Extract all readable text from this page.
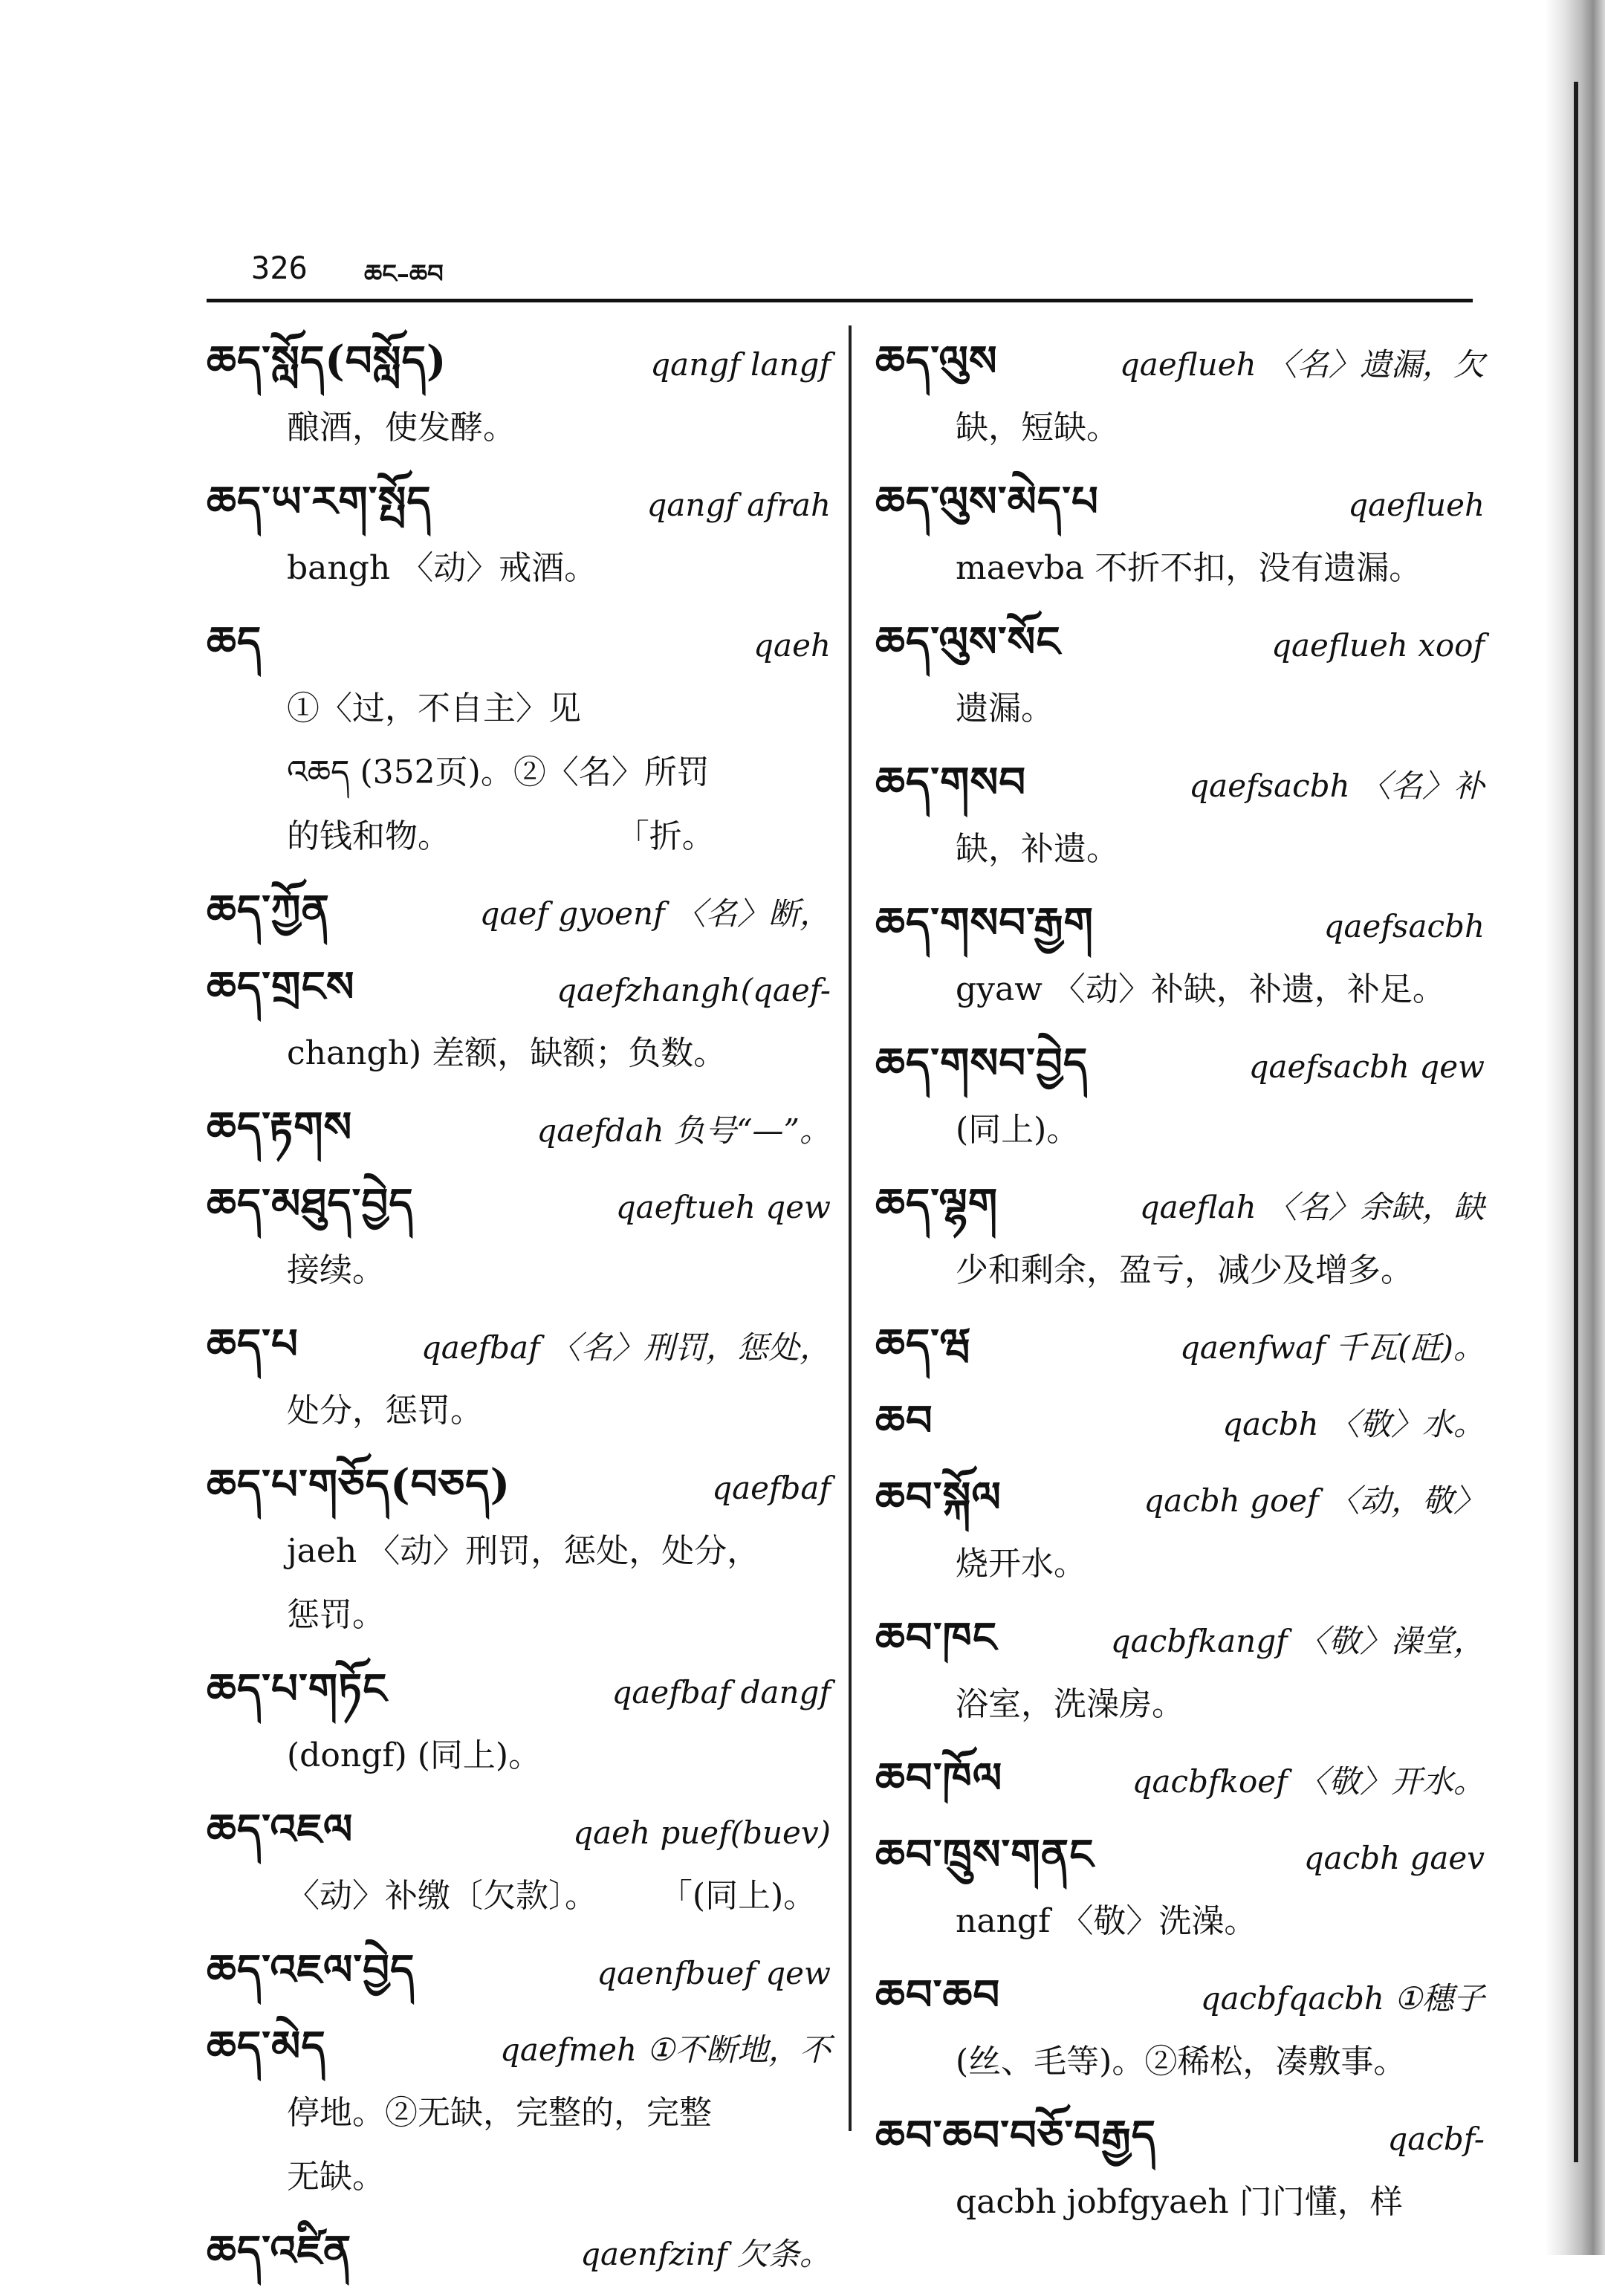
326 ཆང–ཆབ
ཆད་སློད(བསློད)	qangf langf
酿酒，使发酵。
ཆད་ཡ་རག་སྤོད	qangf afrah
bangh 〈动〉戒酒。
ཆད	qaeh
①〈过，不自主〉见
འཆད (352页)。②〈名〉所罚
的钱和物。                「折。
ཆད་ཀྱོན	qaef gyoenf 〈名〉断，
ཆད་གྲངས	qaefzhangh(qaef-
changh) 差额，缺额；负数。
ཆད་རྟགས	qaefdah 负号“—”。
ཆད་མཐུད་བྱེད	qaeftueh qew
接续。
ཆད་པ	qaefbaf 〈名〉刑罚，惩处，
处分，惩罚。
ཆད་པ་གཅོད(བཅད)	qaefbaf
jaeh 〈动〉刑罚，惩处，处分，
惩罚。
ཆད་པ་གཏོང	qaefbaf dangf
(dongf) (同上)。
ཆད་འཇལ	qaeh puef(buev)
〈动〉补缴〔欠款〕。      「(同上)。
ཆད་འཇལ་བྱེད	qaenfbuef qew
ཆད་མེད	qaefmeh ①不断地，不
停地。②无缺，完整的，完整
无缺。
ཆད་འཛིན	qaenfzinf 欠条。
ཆད་ལུས	qaeflueh 〈名〉遗漏，欠
缺，短缺。
ཆད་ལུས་མེད་པ	qaeflueh
maevba 不折不扣，没有遗漏。
ཆད་ལུས་སོང	qaeflueh xoof
遗漏。
ཆད་གསབ	qaefsacbh 〈名〉补
缺，补遗。
ཆད་གསབ་རྒྱག	qaefsacbh
gyaw 〈动〉补缺，补遗，补足。
ཆད་གསབ་བྱེད	qaefsacbh qew
(同上)。
ཆད་ལྷག	qaeflah 〈名〉余缺，缺
少和剩余，盈亏，减少及增多。
ཆད་ཝ	qaenfwaf 千瓦(瓩)。
ཆབ	qacbh 〈敬〉水。
ཆབ་སྐོལ	qacbh goef 〈动，敬〉
烧开水。
ཆབ་ཁང	qacbfkangf 〈敬〉澡堂，
浴室，洗澡房。
ཆབ་ཁོལ	qacbfkoef 〈敬〉开水。
ཆབ་ཁྲུས་གནང	qacbh gaev
nangf 〈敬〉洗澡。
ཆབ་ཆབ	qacbfqacbh ①穗子
(丝、毛等)。②稀松，凑敷事。
ཆབ་ཆབ་བཅོ་བརྒྱད	qacbf-
qacbh jobfgyaeh 门门懂，样
